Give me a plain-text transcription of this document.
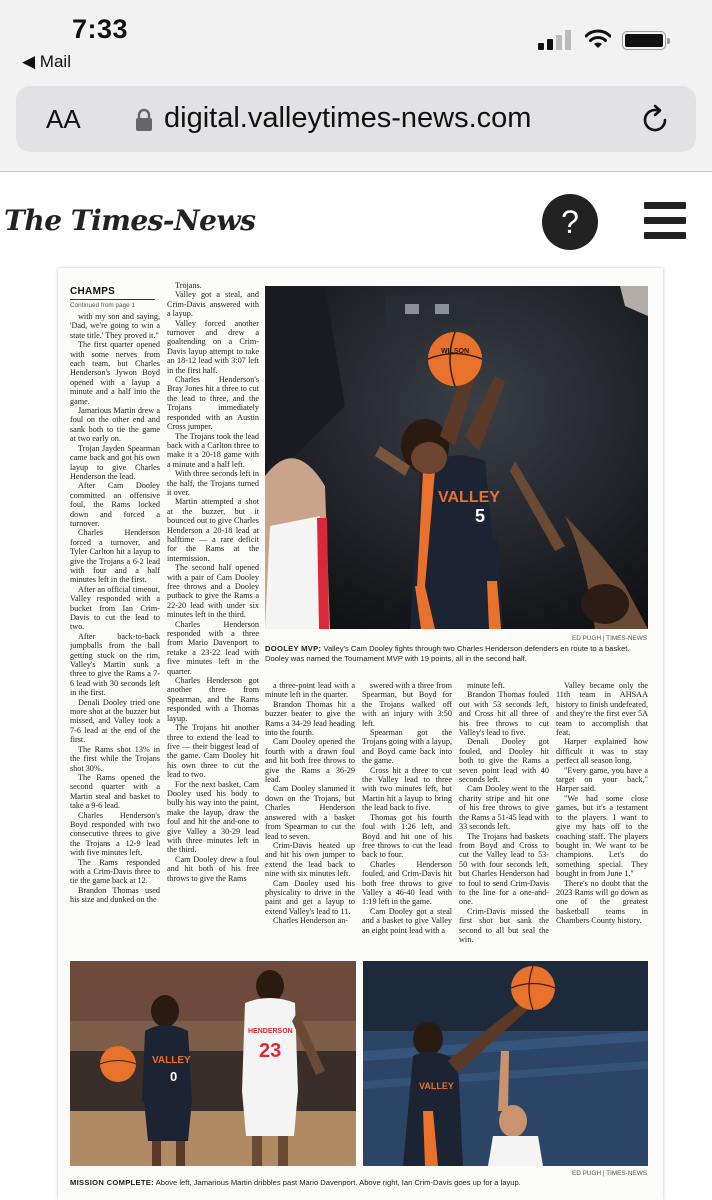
7:33
◀ Mail
AA	digital.valleytimes-news.com
The Times-News	?
CHAMPS
Continued from page 1

with my son and saying, 'Dad, we're going to win a state title.' They proved it."

The first quarter opened with some nerves from each team, but Charles Henderson's Jywon Boyd opened with a layup a minute and a half into the game.

Jamarious Martin drew a foul on the other end and sank both to tie the game at two early on.

Trojan Jayden Spearman came back and got his own layup to give Charles Henderson the lead.

After Cam Dooley committed an offensive foul, the Rams locked down and forced a turnover.

Charles Henderson forced a turnover, and Tyler Carlton hit a layup to give the Trojans a 6-2 lead with four and a half minutes left in the first.

After an official timeout, Valley responded with a bucket from Ian Crim-Davis to cut the lead to two.

After back-to-back jumpballs from the ball getting stuck on the rim, Valley's Martin sunk a three to give the Rams a 7-6 lead with 30 seconds left in the first.

Denali Dooley tried one more shot at the buzzer but missed, and Valley took a 7-6 lead at the end of the first.

The Rams shot 13% in the first while the Trojans shot 30%.

The Rams opened the second quarter with a Martin steal and basket to take a 9-6 lead.

Charles Henderson's Boyd responded with two consecutive threes to give the Trojans a 12-9 lead with five minutes left.

The Rams responded with a Crim-Davis three to tie the game back at 12.

Brandon Thomas used his size and dunked on the

Trojans.

Valley got a steal, and Crim-Davis answered with a layup.

Valley forced another turnover and drew a goaltending on a Crim-Davis layup attempt to take an 18-12 lead with 3:07 left in the first half.

Charles Henderson's Bray Jones hit a three to cut the lead to three, and the Trojans immediately responded with an Austin Cross jumper.

The Trojans took the lead back with a Carlton three to make it a 20-18 game with a minute and a half left.

With three seconds left in the half, the Trojans turned it over.

Martin attempted a shot at the buzzer, but it bounced out to give Charles Henderson a 20-18 lead at halftime — a rare deficit for the Rams at the intermission.

The second half opened with a pair of Cam Dooley free throws and a Dooley putback to give the Rams a 22-20 lead with under six minutes left in the third.

Charles Henderson responded with a three from Mario Davenport to retake a 23-22 lead with five minutes left in the quarter.

Charles Henderson got another three from Spearman, and the Rams responded with a Thomas layup.

The Trojans hit another three to extend the lead to five — their biggest lead of the game. Cam Dooley hit his own three to cut the lead to two.

For the next basket, Cam Dooley used his body to bully his way into the paint, make the layup, draw the foul and hit the and-one to give Valley a 30-29 lead with three minutes left in the third.

Cam Dooley drew a foul and hit both of his free throws to give the Rams

VALLEY
5
WILSON
ED PUGH | TIMES-NEWS
DOOLEY MVP: Valley's Cam Dooley fights through two Charles Henderson defenders en route to a basket. Dooley was named the Tournament MVP with 19 points, all in the second half.

a three-point lead with a minute left in the quarter.

Brandon Thomas hit a buzzer beater to give the Rams a 34-29 lead heading into the fourth.

Cam Dooley opened the fourth with a drawn foul and hit both free throws to give the Rams a 36-29 lead.

Cam Dooley slammed it down on the Trojans, but Charles Henderson answered with a basket from Spearman to cut the lead to seven.

Crim-Davis heated up and hit his own jumper to extend the lead back to nine with six minutes left.

Cam Dooley used his physicality to drive in the paint and get a layup to extend Valley's lead to 11.

Charles Henderson an-

swered with a three from Spearman, but Boyd for the Trojans walked off with an injury with 3:50 left.

Spearman got the Trojans going with a layup, and Boyd came back into the game.

Cross hit a three to cut the Valley lead to three with two minutes left, but Martin hit a layup to bring the lead back to five.

Thomas got his fourth foul with 1:26 left, and Boyd and hit one of his free throws to cut the lead back to four.

Charles Henderson fouled, and Crim-Davis hit both free throws to give Valley a 46-40 lead with 1:19 left in the game.

Cam Dooley got a steal and a basket to give Valley an eight point lead with a

minute left.

Brandon Thomas fouled out with 53 seconds left, and Cross hit all three of his free throws to cut Valley's lead to five.

Denali Dooley got fouled, and Dooley hit both to give the Rams a seven point lead with 40 seconds left.

Cam Dooley went to the charity stripe and hit one of his free throws to give the Rams a 51-45 lead with 33 seconds left.

The Trojans had baskets from Boyd and Cross to cut the Valley lead to 53-50 with four seconds left, but Charles Henderson had to foul to send Crim-Davis to the line for a one-and-one.

Crim-Davis missed the first shot but sank the second to all but seal the win.

Valley became only the 11th team in AHSAA history to finish undefeated, and they're the first ever 5A team to accomplish that feat.

Harper explained how difficult it was to stay perfect all season long.

"Every game, you have a target on your back," Harper said.

"We had some close games, but it's a testament to the players. I want to give my hats off to the coaching staff. The players bought in. We want to be champions. Let's do something special. They bought in from June 1."

There's no doubt that the 2023 Rams will go down as one of the greatest basketball teams in Chambers County history.

VALLEY
0
HENDERSON
23
VALLEY
ED PUGH | TIMES-NEWS
MISSION COMPLETE: Above left, Jamarious Martin dribbles past Mario Davenport. Above right, Ian Crim-Davis goes up for a layup.
